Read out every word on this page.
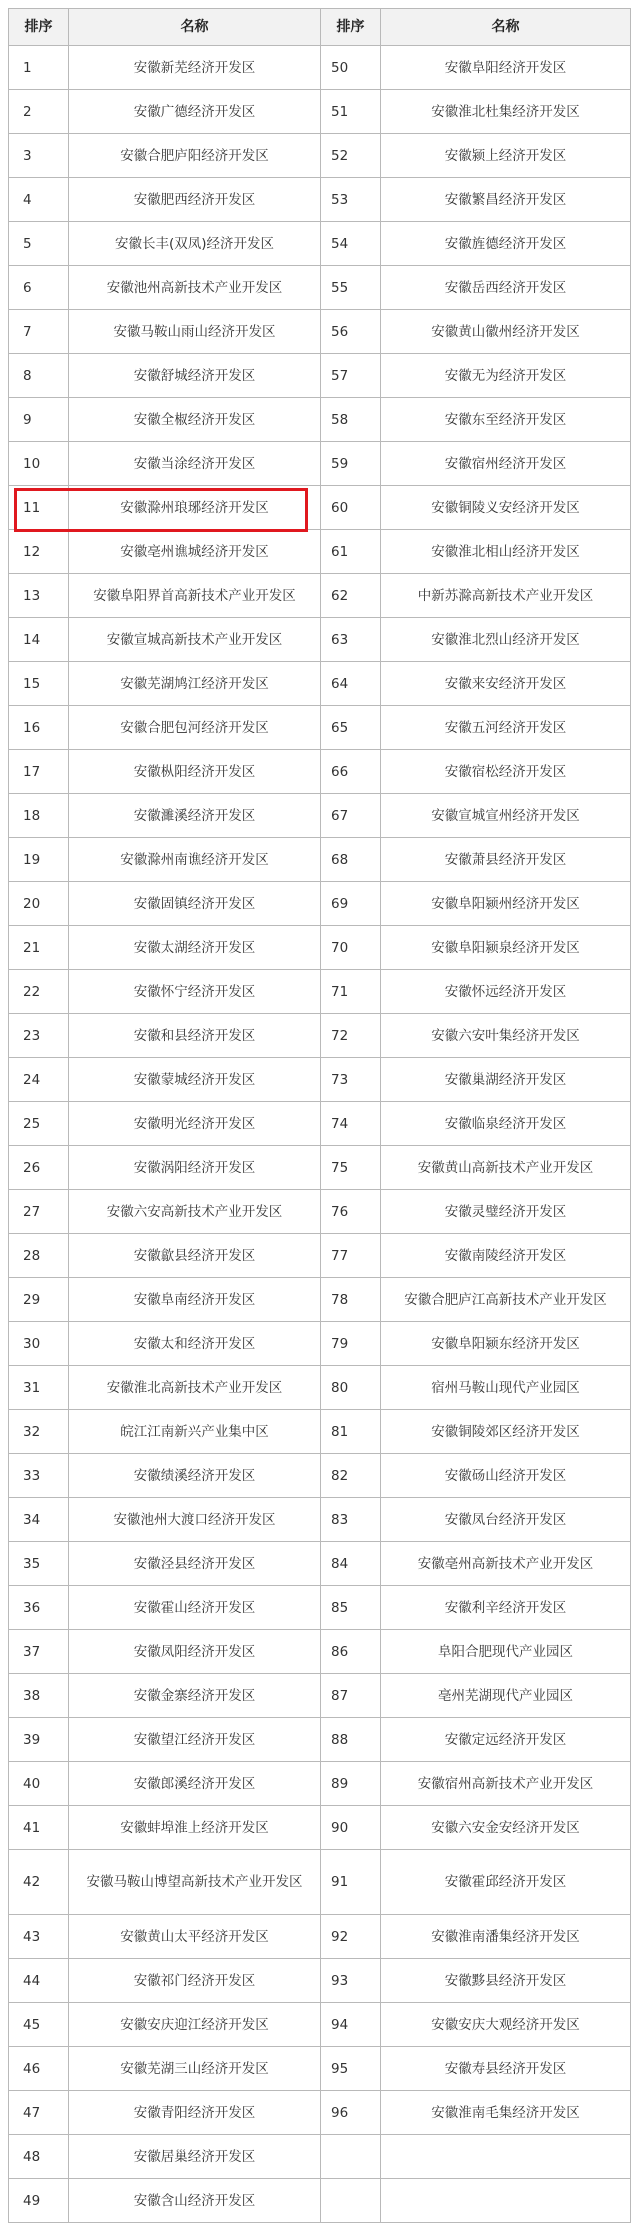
排序	名称	排序	名称
1	安徽新芜经济开发区	50	安徽阜阳经济开发区
2	安徽广德经济开发区	51	安徽淮北杜集经济开发区
3	安徽合肥庐阳经济开发区	52	安徽颍上经济开发区
4	安徽肥西经济开发区	53	安徽繁昌经济开发区
5	安徽长丰(双凤)经济开发区	54	安徽旌德经济开发区
6	安徽池州高新技术产业开发区	55	安徽岳西经济开发区
7	安徽马鞍山雨山经济开发区	56	安徽黄山徽州经济开发区
8	安徽舒城经济开发区	57	安徽无为经济开发区
9	安徽全椒经济开发区	58	安徽东至经济开发区
10	安徽当涂经济开发区	59	安徽宿州经济开发区
11	安徽滁州琅琊经济开发区	60	安徽铜陵义安经济开发区
12	安徽亳州谯城经济开发区	61	安徽淮北相山经济开发区
13	安徽阜阳界首高新技术产业开发区	62	中新苏滁高新技术产业开发区
14	安徽宣城高新技术产业开发区	63	安徽淮北烈山经济开发区
15	安徽芜湖鸠江经济开发区	64	安徽来安经济开发区
16	安徽合肥包河经济开发区	65	安徽五河经济开发区
17	安徽枞阳经济开发区	66	安徽宿松经济开发区
18	安徽濉溪经济开发区	67	安徽宣城宣州经济开发区
19	安徽滁州南谯经济开发区	68	安徽萧县经济开发区
20	安徽固镇经济开发区	69	安徽阜阳颍州经济开发区
21	安徽太湖经济开发区	70	安徽阜阳颍泉经济开发区
22	安徽怀宁经济开发区	71	安徽怀远经济开发区
23	安徽和县经济开发区	72	安徽六安叶集经济开发区
24	安徽蒙城经济开发区	73	安徽巢湖经济开发区
25	安徽明光经济开发区	74	安徽临泉经济开发区
26	安徽涡阳经济开发区	75	安徽黄山高新技术产业开发区
27	安徽六安高新技术产业开发区	76	安徽灵璧经济开发区
28	安徽歙县经济开发区	77	安徽南陵经济开发区
29	安徽阜南经济开发区	78	安徽合肥庐江高新技术产业开发区
30	安徽太和经济开发区	79	安徽阜阳颍东经济开发区
31	安徽淮北高新技术产业开发区	80	宿州马鞍山现代产业园区
32	皖江江南新兴产业集中区	81	安徽铜陵郊区经济开发区
33	安徽绩溪经济开发区	82	安徽砀山经济开发区
34	安徽池州大渡口经济开发区	83	安徽凤台经济开发区
35	安徽泾县经济开发区	84	安徽亳州高新技术产业开发区
36	安徽霍山经济开发区	85	安徽利辛经济开发区
37	安徽凤阳经济开发区	86	阜阳合肥现代产业园区
38	安徽金寨经济开发区	87	亳州芜湖现代产业园区
39	安徽望江经济开发区	88	安徽定远经济开发区
40	安徽郎溪经济开发区	89	安徽宿州高新技术产业开发区
41	安徽蚌埠淮上经济开发区	90	安徽六安金安经济开发区
42	安徽马鞍山博望高新技术产业开发区	91	安徽霍邱经济开发区
43	安徽黄山太平经济开发区	92	安徽淮南潘集经济开发区
44	安徽祁门经济开发区	93	安徽黟县经济开发区
45	安徽安庆迎江经济开发区	94	安徽安庆大观经济开发区
46	安徽芜湖三山经济开发区	95	安徽寿县经济开发区
47	安徽青阳经济开发区	96	安徽淮南毛集经济开发区
48	安徽居巢经济开发区		
49	安徽含山经济开发区		
